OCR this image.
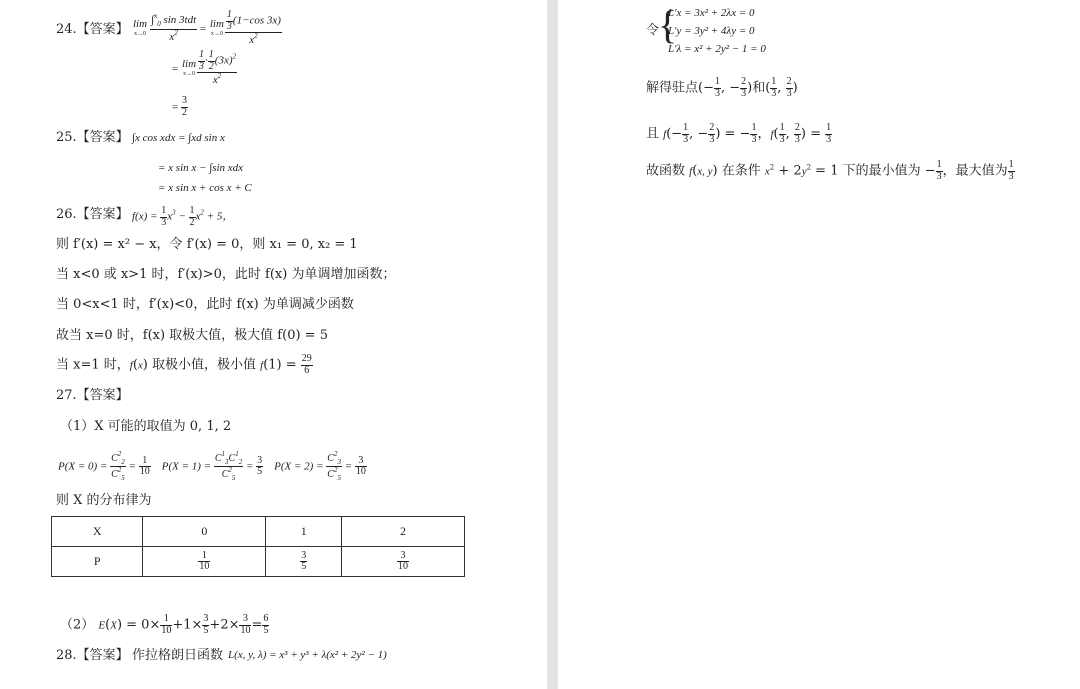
24.【答案】 lim
$x\to 0 \frac{\int^x_0 \sin 3tdt}{x^2} = \lim$
$x\to 0 \frac{\frac{1}{3} (1-\cos 3x)}{x^2}$
= lim
$x\to 0 \frac{\frac{1}{3} \cdot \frac{1}{2} (3x)^2}{x^2}$
= $\frac{3}{2}$
25.【答案】 ∫x cos xdx = ∫xd sin x
= x sin x − ∫sin xdx
= x sin x + cos x + C
26.【答案】 $f(x) = \frac{1}{3} x^3 - \frac{1}{2} x^2 + 5$，
则 f′(x) = x² − x，令 f′(x) = 0，则 x₁ = 0, x₂ = 1
当 x<0 或 x>1 时，f′(x)>0，此时 f(x) 为单调增加函数；
当 0<x<1 时，f′(x)<0，此时 f(x) 为单调减少函数
故当 x=0 时，f(x) 取极大值，极大值 f(0) = 5
当 x=1 时，f(x) 取极小值，极小值 $f(1) = \frac{29}{6}$
27.【答案】
（1）X 可能的取值为 0, 1, 2
$P(X = 0) = \frac{C^2_2}{C^2_5} = \frac{1}{10} P(X = 1) = \frac{C^1_3C^1_2}{C^2_5} = \frac{3}{5} P(X = 2) = \frac{C^2_3}{C^2_5} = \frac{3}{10}$
则 X 的分布律为
X	0	1	2
P	$\frac{1}{10}$	$\frac{3}{5}$	$\frac{3}{10}$
（2） $E(X) = 0\times \frac{1}{10} +1\times \frac{3}{5} +2\times \frac{3}{10} = \frac{6}{5}$
28.【答案】 作拉格朗日函数 L(x, y, λ) = x³ + y³ + λ(x² + 2y² − 1)
令
{
L′x = 3x² + 2λx = 0
L′y = 3y² + 4λy = 0
L′λ = x² + 2y² − 1 = 0
解得驻点(− $\frac{1}{3}$ , − $\frac{2}{3}$ )和( $\frac{1}{3}$ , $\frac{2}{3}$ )
且 $f(- \frac{1}{3}$ , − $\frac{2}{3}$ ) = − $\frac{1}{3}$ ，$f( \frac{1}{3}$ , $\frac{2}{3}$ ) = $\frac{1}{3}$
故函数 f(x, y) 在条件 $x^2 + 2y^2 = 1$ 下的最小值为 − $\frac{1}{3}$ ，最大值为 $\frac{1}{3}$
